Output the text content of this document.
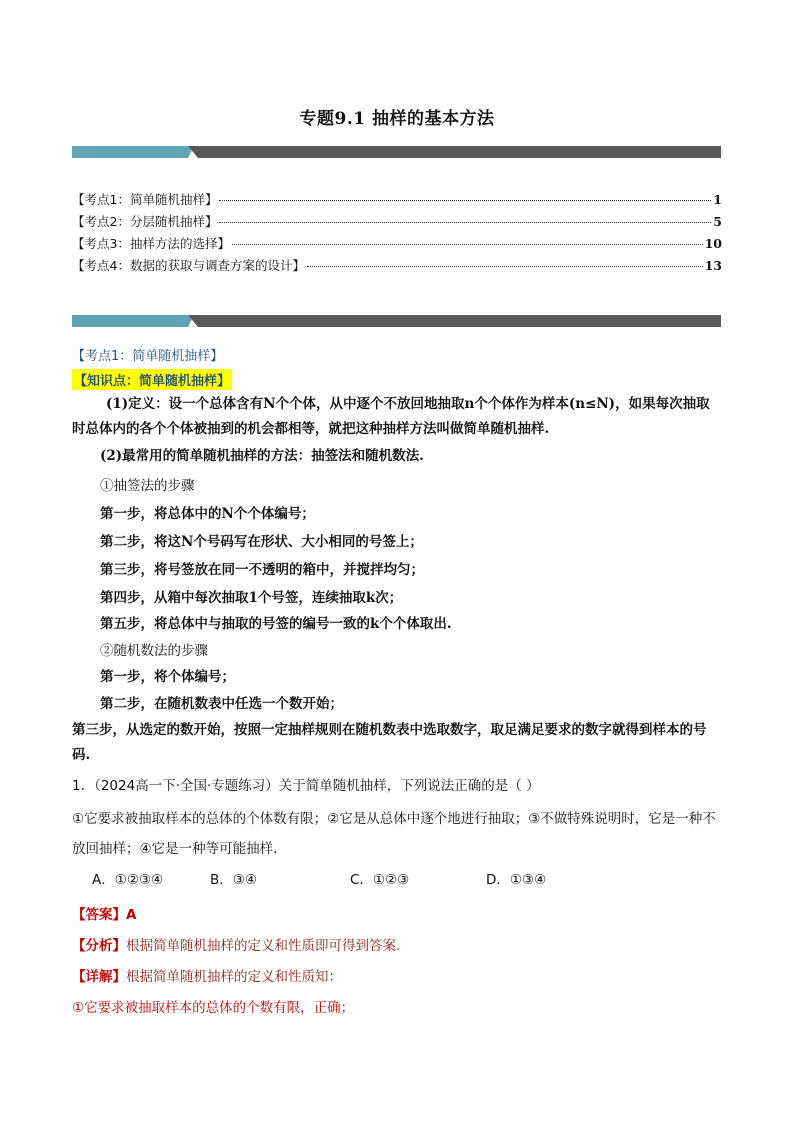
专题9.1 抽样的基本方法
【考点1：简单随机抽样】	1
【考点2：分层随机抽样】	5
【考点3：抽样方法的选择】	10
【考点4：数据的获取与调查方案的设计】	13
【考点1：简单随机抽样】
【知识点：简单随机抽样】
(1)定义：设一个总体含有N个个体，从中逐个不放回地抽取n个个体作为样本(n≤N)，如果每次抽取时总体内的各个个体被抽到的机会都相等，就把这种抽样方法叫做简单随机抽样.
(2)最常用的简单随机抽样的方法：抽签法和随机数法.
①抽签法的步骤
第一步，将总体中的N个个体编号；
第二步，将这N个号码写在形状、大小相同的号签上；
第三步，将号签放在同一不透明的箱中，并搅拌均匀；
第四步，从箱中每次抽取1个号签，连续抽取k次；
第五步，将总体中与抽取的号签的编号一致的k个个体取出.
②随机数法的步骤
第一步，将个体编号；
第二步，在随机数表中任选一个数开始；
第三步，从选定的数开始，按照一定抽样规则在随机数表中选取数字，取足满足要求的数字就得到样本的号码.
1．（2024高一下·全国·专题练习）关于简单随机抽样，下列说法正确的是（ ）
①它要求被抽取样本的总体的个体数有限；②它是从总体中逐个地进行抽取；③不做特殊说明时，它是一种不放回抽样；④它是一种等可能抽样．
A．①②③④	B．③④	C．①②③	D．①③④
【答案】A
【分析】根据简单随机抽样的定义和性质即可得到答案.
【详解】根据简单随机抽样的定义和性质知：
①它要求被抽取样本的总体的个数有限，正确；
